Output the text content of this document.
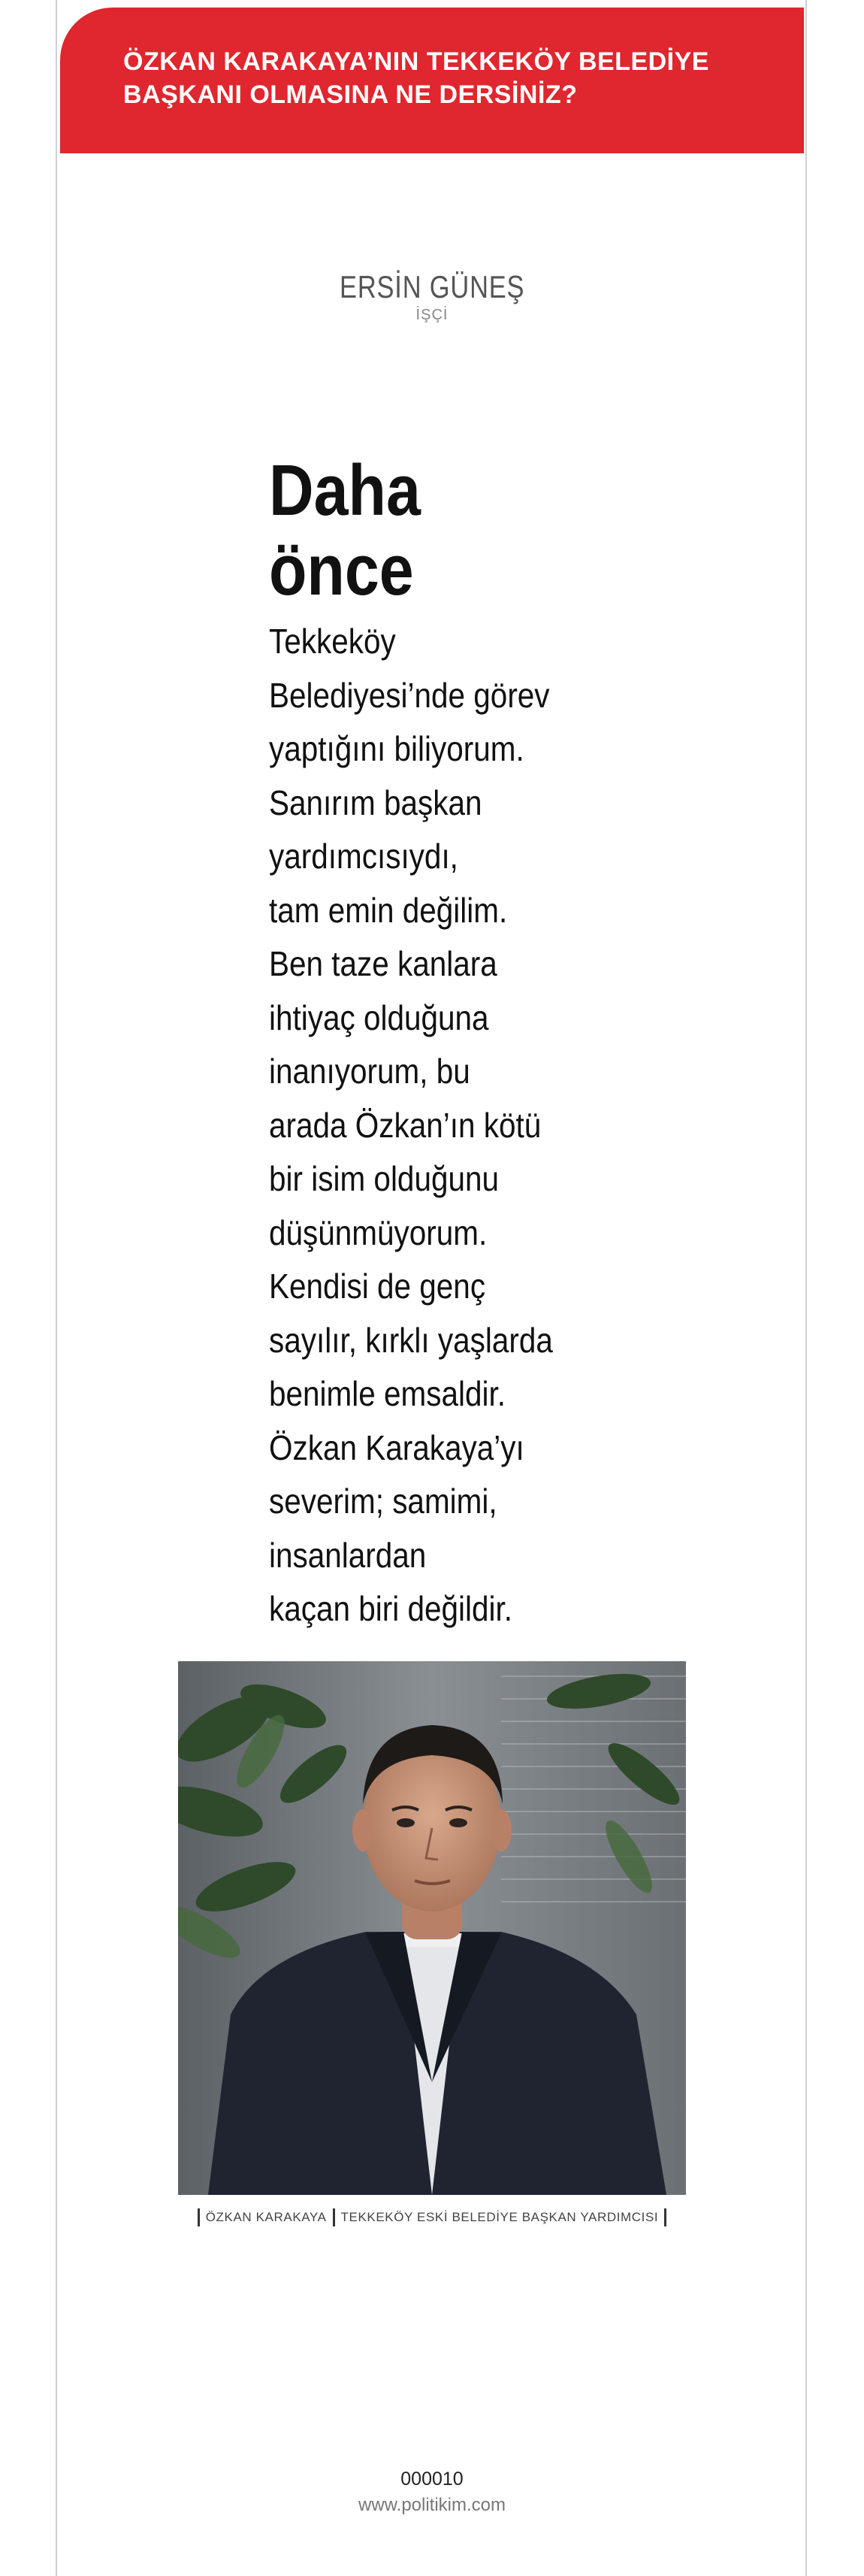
ÖZKAN KARAKAYA’NIN TEKKEKÖY BELEDİYE
BAŞKANI OLMASINA NE DERSİNİZ?

ERSİN GÜNEŞ
İŞÇİ
Daha
önce
Tekkeköy
Belediyesi’nde görev
yaptığını biliyorum.
Sanırım başkan
yardımcısıydı,
tam emin değilim.
Ben taze kanlara
ihtiyaç olduğuna
inanıyorum, bu
arada Özkan’ın kötü
bir isim olduğunu
düşünmüyorum.
Kendisi de genç
sayılır, kırklı yaşlarda
benimle emsaldir.
Özkan Karakaya’yı
severim; samimi,
insanlardan
kaçan biri değildir.
ÖZKAN KARAKAYA TEKKEKÖY ESKİ BELEDİYE BAŞKAN YARDIMCISI
000010
www.politikim.com
